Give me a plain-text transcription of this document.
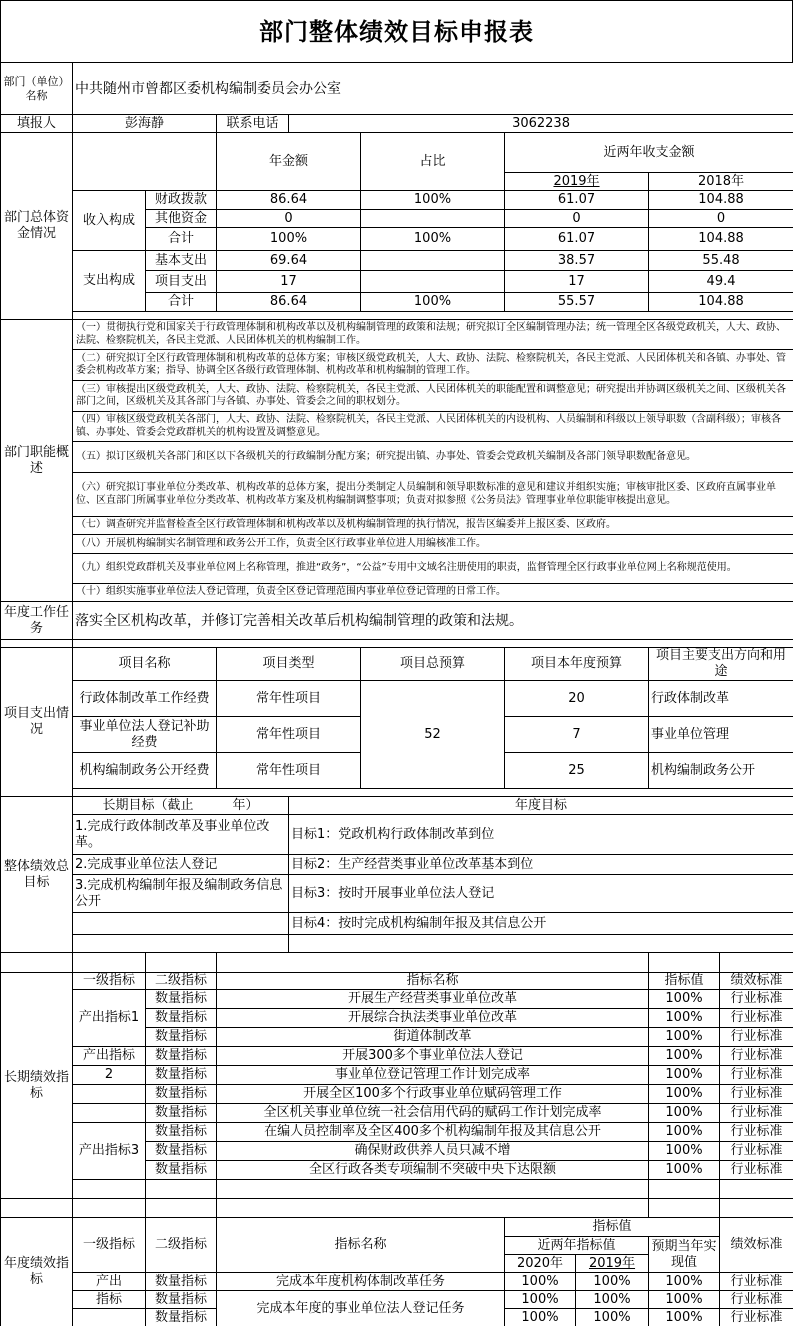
部门整体绩效目标申报表
部门（单位）名称	中共随州市曾都区委机构编制委员会办公室								
填报人	彭海静		联系电话	3062238					
部门总体资金情况			年金额		占比	近两年收支金额			
						2019年		2018年	
	收入构成	财政拨款	86.64		100%	61.07		104.88	
		其他资金	0			0		0	
		合计	100%		100%	61.07		104.88	
	支出构成	基本支出	69.64			38.57		55.48	
		项目支出	17			17		49.4	
		合计	86.64		100%	55.57		104.88	

部门职能概述	（一）贯彻执行党和国家关于行政管理体制和机构改革以及机构编制管理的政策和法规；研究拟订全区编制管理办法；统一管理全区各级党政机关，人大、政协、法院、检察院机关，各民主党派、人民团体机关的机构编制工作。								
	（二）研究拟订全区行政管理体制和机构改革的总体方案；审核区级党政机关，人大、政协、法院、检察院机关，各民主党派、人民团体机关和各镇、办事处、管委会机构改革方案；指导、协调全区各级行政管理体制、机构改革和机构编制的管理工作。								
	（三）审核提出区级党政机关，人大、政协、法院、检察院机关，各民主党派、人民团体机关的职能配置和调整意见；研究提出并协调区级机关之间、区级机关各部门之间，区级机关及其各部门与各镇、办事处、管委会之间的职权划分。								
	（四）审核区级党政机关各部门，人大、政协、法院、检察院机关，各民主党派、人民团体机关的内设机构、人员编制和科级以上领导职数（含副科级）；审核各镇、办事处、管委会党政群机关的机构设置及调整意见。								
	（五）拟订区级机关各部门和区以下各级机关的行政编制分配方案；研究提出镇、办事处、管委会党政机关编制及各部门领导职数配备意见。								
	（六）研究拟订事业单位分类改革、机构改革的总体方案，提出分类制定人员编制和领导职数标准的意见和建议并组织实施；审核审批区委、区政府直属事业单位、区直部门所属事业单位分类改革、机构改革方案及机构编制调整事项；负责对拟参照《公务员法》管理事业单位职能审核提出意见。								
	（七）调查研究并监督检查全区行政管理体制和机构改革以及机构编制管理的执行情况，报告区编委并上报区委、区政府。								
	（八）开展机构编制实名制管理和政务公开工作，负责全区行政事业单位进人用编核准工作。								
	（九）组织党政群机关及事业单位网上名称管理，推进“政务”，“公益”专用中文域名注册使用的职责，监督管理全区行政事业单位网上名称规范使用。								
	（十）组织实施事业单位法人登记管理，负责全区登记管理范围内事业单位登记管理的日常工作。								
年度工作任务	落实全区机构改革，并修订完善相关改革后机构编制管理的政策和法规。								

项目支出情况	项目名称		项目类型		项目总预算	项目本年度预算		项目主要支出方向和用途	
	行政体制改革工作经费		常年性项目		52	20		行政体制改革	
	事业单位法人登记补助经费		常年性项目			7		事业单位管理	
	机构编制政务公开经费		常年性项目			25		机构编制政务公开	

整体绩效总目标	长期目标（截止　　　年）			年度目标					
	1.完成行政体制改革及事业单位改革。			目标1：党政机构行政体制改革到位					
	2.完成事业单位法人登记			目标2：生产经营类事业单位改革基本到位					
	3.完成机构编制年报及编制政务信息公开			目标3：按时开展事业单位法人登记					
				目标4：按时完成机构编制年报及其信息公开					

长期绩效指标	一级指标	二级指标	指标名称					指标值	绩效标准
	产出指标1	数量指标	开展生产经营类事业单位改革					100%	行业标准
		数量指标	开展综合执法类事业单位改革					100%	行业标准
		数量指标	街道体制改革					100%	行业标准
	产出指标	数量指标	开展300多个事业单位法人登记					100%	行业标准
	2	数量指标	事业单位登记管理工作计划完成率					100%	行业标准
		数量指标	开展全区100多个行政事业单位赋码管理工作					100%	行业标准
		数量指标	全区机关事业单位统一社会信用代码的赋码工作计划完成率					100%	行业标准
	产出指标3	数量指标	在编人员控制率及全区400多个机构编制年报及其信息公开					100%	行业标准
		数量指标	确保财政供养人员只减不增					100%	行业标准
		数量指标	全区行政各类专项编制不突破中央下达限额					100%	行业标准

年度绩效指标	一级指标	二级指标	指标名称			指标值			绩效标准
						近两年指标值		预期当年实现值	
						2020年	2019年		
	产出	数量指标	完成本年度机构体制改革任务			100%	100%	100%	行业标准
	指标	数量指标	完成本年度的事业单位法人登记任务			100%	100%	100%	行业标准
		数量指标				100%	100%	100%	行业标准
